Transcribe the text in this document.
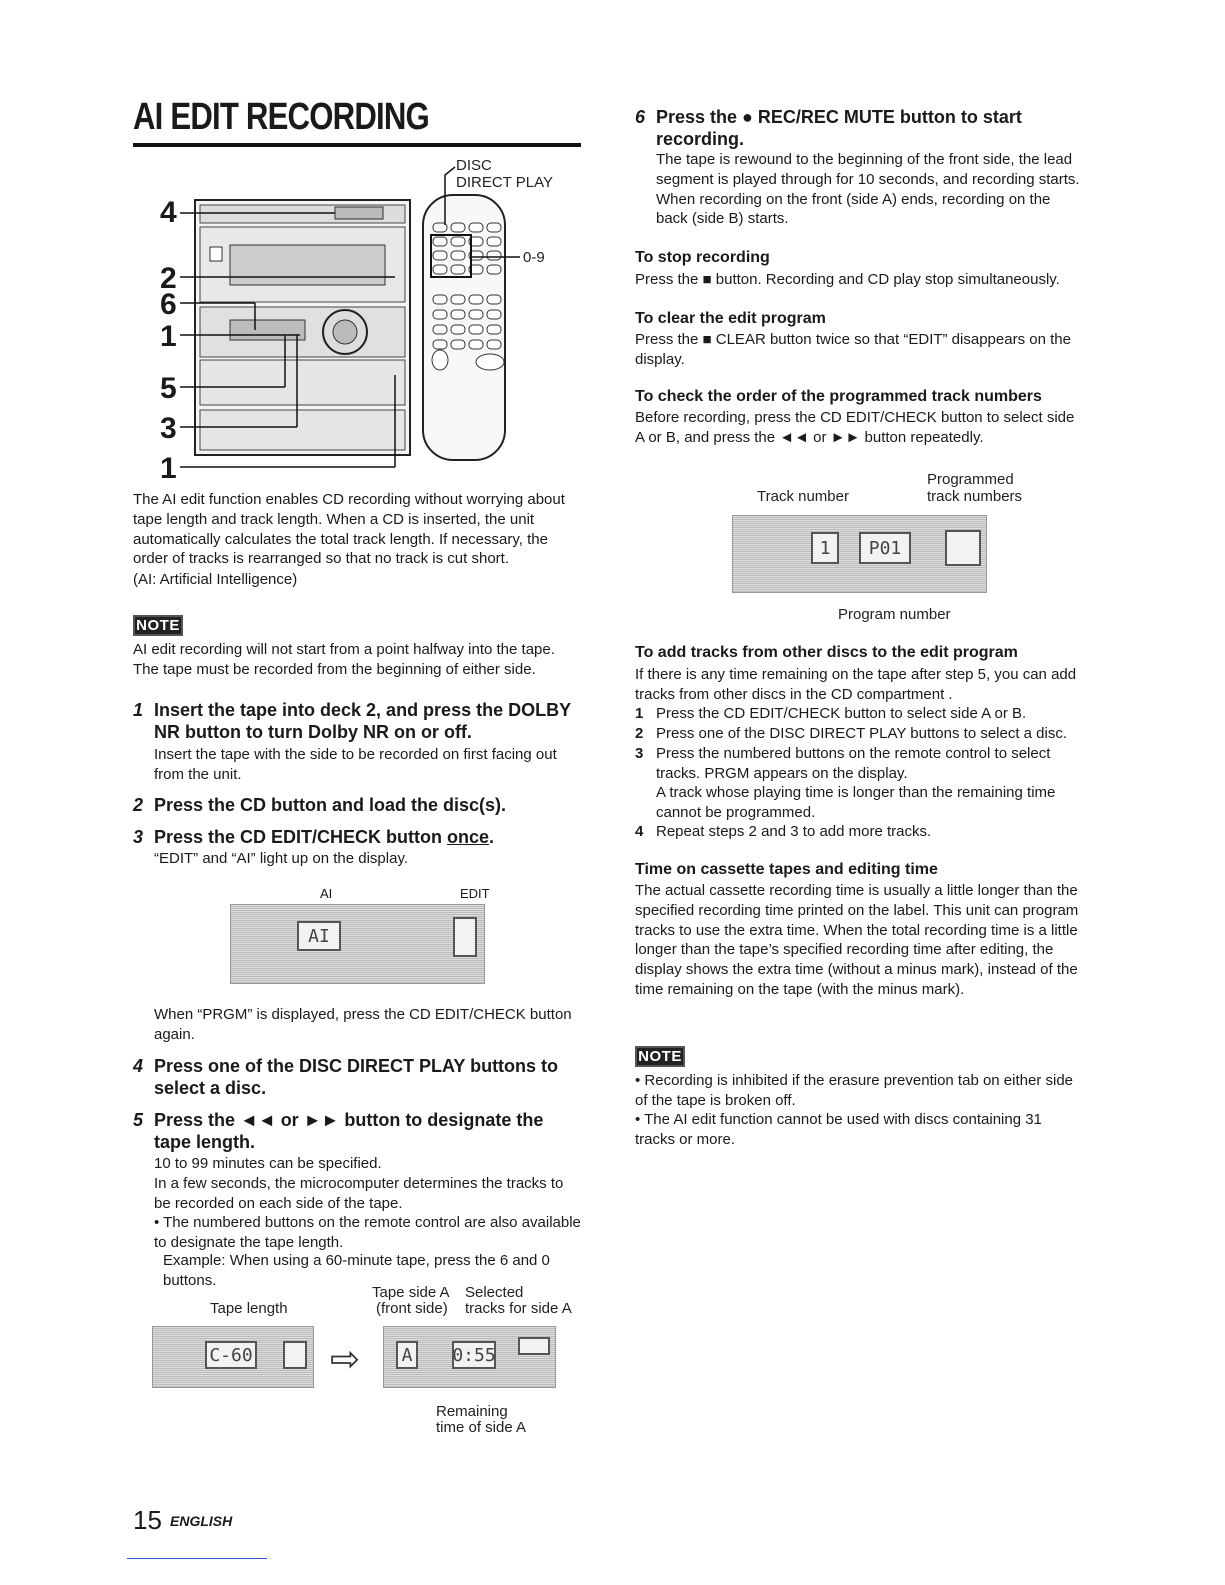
AI EDIT RECORDING
DISC
DIRECT PLAY
0-9
4
2
6
1
5
3
1
The AI edit function enables CD recording without worrying about tape length and track length. When a CD is inserted, the unit automatically calculates the total track length. If necessary, the order of tracks is rearranged so that no track is cut short.
(AI: Artificial Intelligence)
NOTE
AI edit recording will not start from a point halfway into the tape. The tape must be recorded from the beginning of either side.
1 Insert the tape into deck 2, and press the DOLBY NR button to turn Dolby NR on or off.
Insert the tape with the side to be recorded on first facing out from the unit.
2 Press the CD button and load the disc(s).
3 Press the CD EDIT/CHECK button once.
“EDIT” and “AI” light up on the display.
AI	EDIT
AI
When “PRGM” is displayed, press the CD EDIT/CHECK button again.
4 Press one of the DISC DIRECT PLAY buttons to select a disc.
5 Press the ◄◄ or ►► button to designate the tape length.
10 to 99 minutes can be specified.
In a few seconds, the microcomputer determines the tracks to be recorded on each side of the tape.
• The numbered buttons on the remote control are also available to designate the tape length.
Example: When using a 60-minute tape, press the 6 and 0 buttons.
Tape length
Tape side A
(front side)
Selected
tracks for side A
C-60 ⇨	A	0:55
Remaining
time of side A
15 ENGLISH
6 Press the ● REC/REC MUTE button to start recording.
The tape is rewound to the beginning of the front side, the lead segment is played through for 10 seconds, and recording starts. When recording on the front (side A) ends, recording on the back (side B) starts.
To stop recording
Press the ■ button. Recording and CD play stop simultaneously.
To clear the edit program
Press the ■ CLEAR button twice so that “EDIT” disappears on the display.
To check the order of the programmed track numbers
Before recording, press the CD EDIT/CHECK button to select side A or B, and press the ◄◄ or ►► button repeatedly.
Programmed
track numbers
Track number
1	P01
Program number
To add tracks from other discs to the edit program
If there is any time remaining on the tape after step 5, you can add tracks from other discs in the CD compartment .
1 Press the CD EDIT/CHECK button to select side A or B.
2 Press one of the DISC DIRECT PLAY buttons to select a disc.
3 Press the numbered buttons on the remote control to select tracks. PRGM appears on the display.
A track whose playing time is longer than the remaining time cannot be programmed.
4 Repeat steps 2 and 3 to add more tracks.
Time on cassette tapes and editing time
The actual cassette recording time is usually a little longer than the specified recording time printed on the label. This unit can program tracks to use the extra time. When the total recording time is a little longer than the tape’s specified recording time after editing, the display shows the extra time (without a minus mark), instead of the time remaining on the tape (with the minus mark).
NOTE
• Recording is inhibited if the erasure prevention tab on either side of the tape is broken off.
• The AI edit function cannot be used with discs containing 31 tracks or more.
